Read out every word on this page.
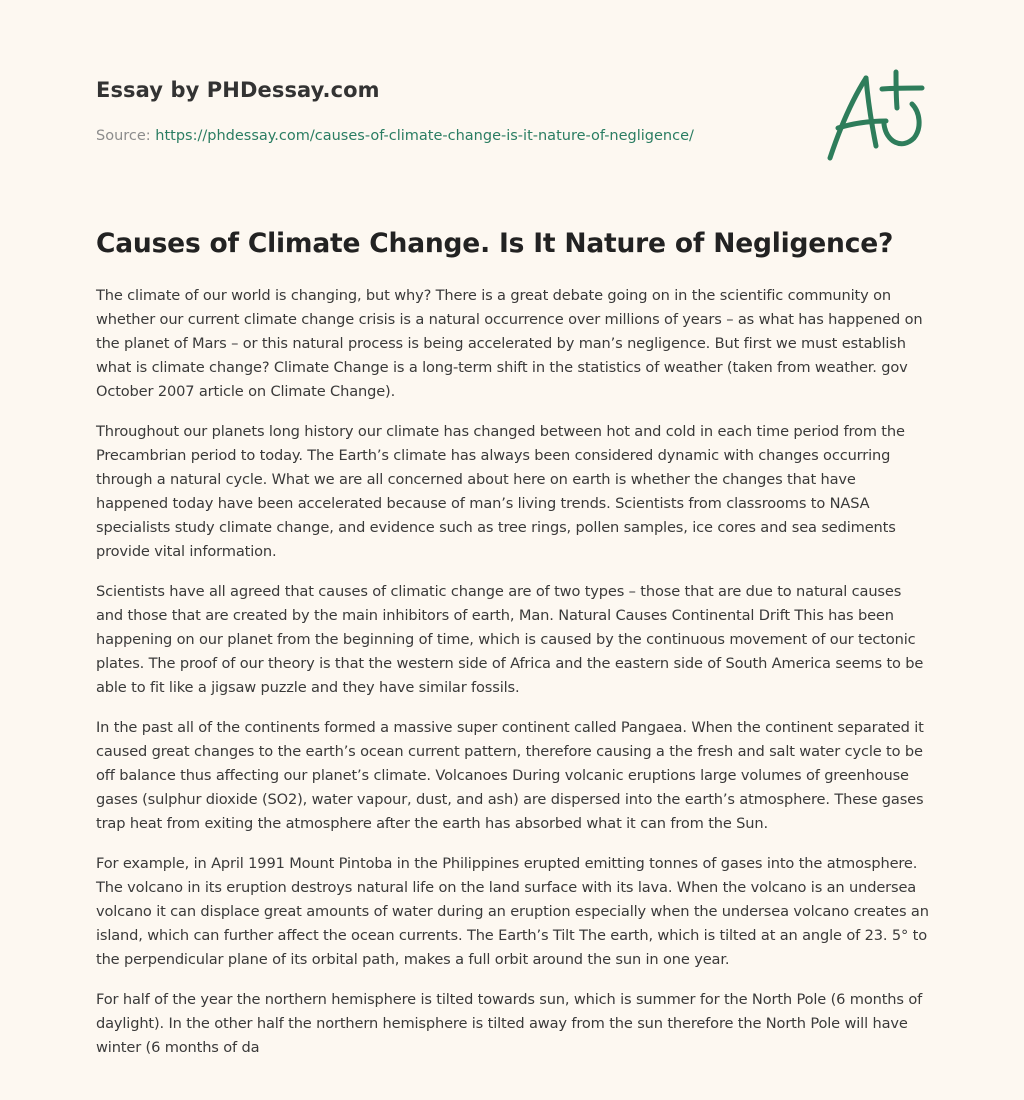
Essay by PHDessay.com
Source: https://phdessay.com/causes-of-climate-change-is-it-nature-of-negligence/
Causes of Climate Change. Is It Nature of Negligence?

The climate of our world is changing, but why? There is a great debate going on in the scientific community on whether our current climate change crisis is a natural occurrence over millions of years – as what has happened on the planet of Mars – or this natural process is being accelerated by man’s negligence. But first we must establish what is climate change? Climate Change is a long-term shift in the statistics of weather (taken from weather. gov October 2007 article on Climate Change).

Throughout our planets long history our climate has changed between hot and cold in each time period from the Precambrian period to today. The Earth’s climate has always been considered dynamic with changes occurring through a natural cycle. What we are all concerned about here on earth is whether the changes that have happened today have been accelerated because of man’s living trends. Scientists from classrooms to NASA specialists study climate change, and evidence such as tree rings, pollen samples, ice cores and sea sediments provide vital information.

Scientists have all agreed that causes of climatic change are of two types – those that are due to natural causes and those that are created by the main inhibitors of earth, Man. Natural Causes Continental Drift This has been happening on our planet from the beginning of time, which is caused by the continuous movement of our tectonic plates. The proof of our theory is that the western side of Africa and the eastern side of South America seems to be able to fit like a jigsaw puzzle and they have similar fossils.

In the past all of the continents formed a massive super continent called Pangaea. When the continent separated it caused great changes to the earth’s ocean current pattern, therefore causing a the fresh and salt water cycle to be off balance thus affecting our planet’s climate. Volcanoes During volcanic eruptions large volumes of greenhouse gases (sulphur dioxide (SO2), water vapour, dust, and ash) are dispersed into the earth’s atmosphere. These gases trap heat from exiting the atmosphere after the earth has absorbed what it can from the Sun.

For example, in April 1991 Mount Pintoba in the Philippines erupted emitting tonnes of gases into the atmosphere. The volcano in its eruption destroys natural life on the land surface with its lava. When the volcano is an undersea volcano it can displace great amounts of water during an eruption especially when the undersea volcano creates an island, which can further affect the ocean currents. The Earth’s Tilt The earth, which is tilted at an angle of 23. 5° to the perpendicular plane of its orbital path, makes a full orbit around the sun in one year.

For half of the year the northern hemisphere is tilted towards sun, which is summer for the North Pole (6 months of daylight). In the other half the northern hemisphere is tilted away from the sun therefore the North Pole will have winter (6 months of da
